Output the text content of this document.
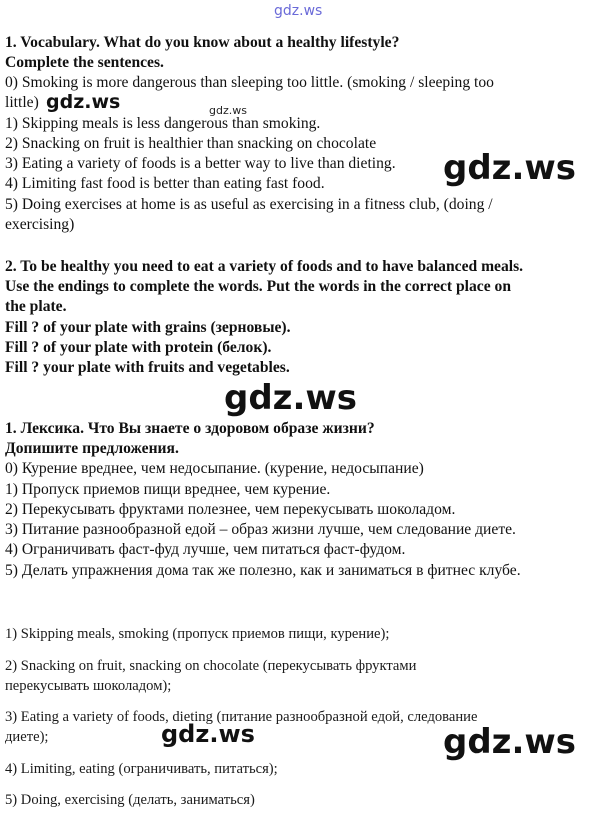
gdz.ws
1. Vocabulary. What do you know about a healthy lifestyle?
Complete the sentences.
0) Smoking is more dangerous than sleeping too little. (smoking / sleeping too
little) gdz.ws	gdz.ws
1) Skipping meals is less dangerous than smoking.
2) Snacking on fruit is healthier than snacking on chocolate
3) Eating a variety of foods is a better way to live than dieting. gdz.ws
4) Limiting fast food is better than eating fast food.
5) Doing exercises at home is as useful as exercising in a fitness club, (doing /
exercising)
2. To be healthy you need to eat a variety of foods and to have balanced meals.
Use the endings to complete the words. Put the words in the correct place on
the plate.
Fill ? of your plate with grains (зерновые).
Fill ? of your plate with protein (белок).
Fill ? your plate with fruits and vegetables.
gdz.ws
1. Лексика. Что Вы знаете о здоровом образе жизни?
Допишите предложения.
0) Курение вреднее, чем недосыпание. (курение, недосыпание)
1) Пропуск приемов пищи вреднее, чем курение.
2) Перекусывать фруктами полезнее, чем перекусывать шоколадом.
3) Питание разнообразной едой – образ жизни лучше, чем следование диете.
4) Ограничивать фаст-фуд лучше, чем питаться фаст-фудом.
5) Делать упражнения дома так же полезно, как и заниматься в фитнес клубе.
1) Skipping meals, smoking (пропуск приемов пищи, курение);
2) Snacking on fruit, snacking on chocolate (перекусывать фруктами
перекусывать шоколадом);
3) Eating a variety of foods, dieting (питание разнообразной едой, следование
диете);	gdz.ws	gdz.ws
4) Limiting, eating (ограничивать, питаться);
5) Doing, exercising (делать, заниматься)
